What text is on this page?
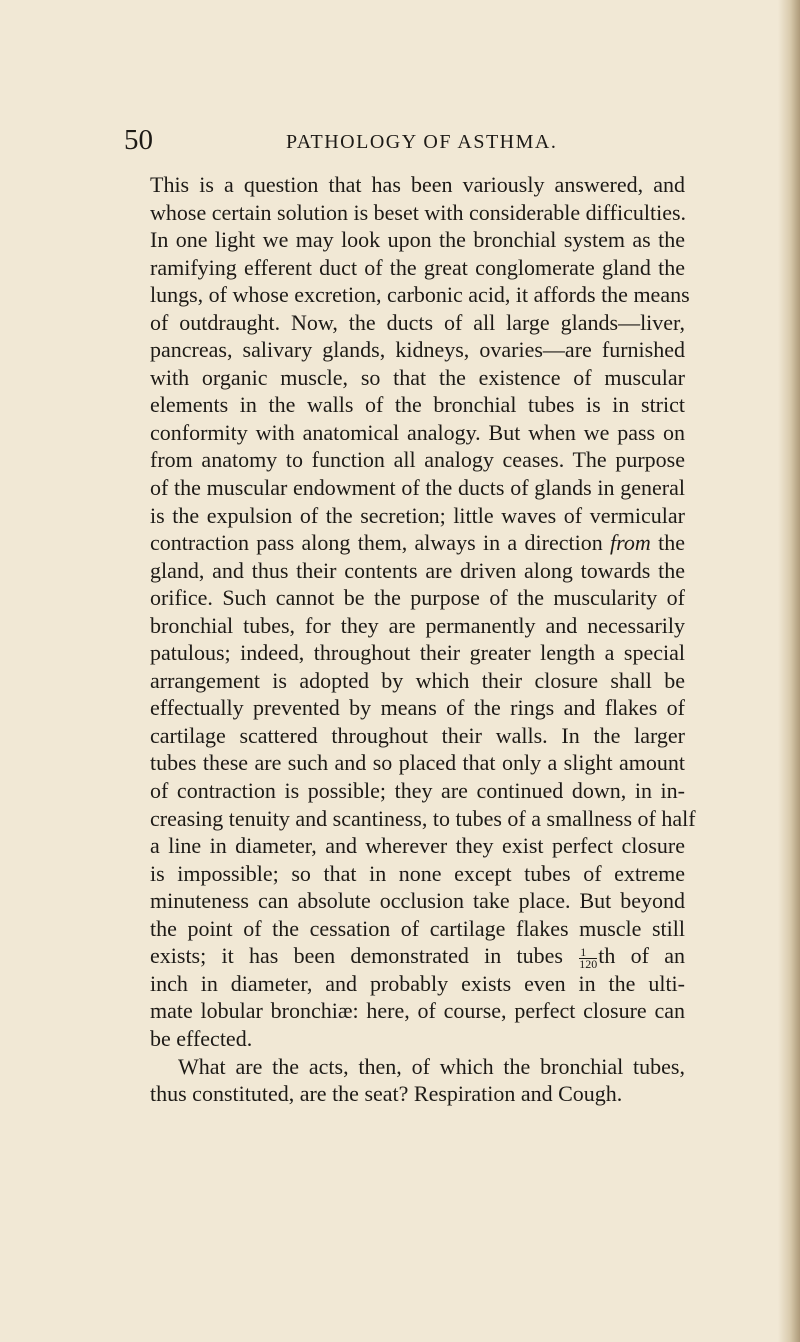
50	PATHOLOGY OF ASTHMA.
This is a question that has been variously answered, and
whose certain solution is beset with considerable difficulties.
In one light we may look upon the bronchial system as the
ramifying efferent duct of the great conglomerate gland the
lungs, of whose excretion, carbonic acid, it affords the means
of outdraught. Now, the ducts of all large glands—liver,
pancreas, salivary glands, kidneys, ovaries—are furnished
with organic muscle, so that the existence of muscular
elements in the walls of the bronchial tubes is in strict
conformity with anatomical analogy. But when we pass on
from anatomy to function all analogy ceases. The purpose
of the muscular endowment of the ducts of glands in general
is the expulsion of the secretion; little waves of vermicular
contraction pass along them, always in a direction from the
gland, and thus their contents are driven along towards the
orifice. Such cannot be the purpose of the muscularity of
bronchial tubes, for they are permanently and necessarily
patulous; indeed, throughout their greater length a special
arrangement is adopted by which their closure shall be
effectually prevented by means of the rings and flakes of
cartilage scattered throughout their walls. In the larger
tubes these are such and so placed that only a slight amount
of contraction is possible; they are continued down, in in-
creasing tenuity and scantiness, to tubes of a smallness of half
a line in diameter, and wherever they exist perfect closure
is impossible; so that in none except tubes of extreme
minuteness can absolute occlusion take place. But beyond
the point of the cessation of cartilage flakes muscle still
exists; it has been demonstrated in tubes $\frac{1}{120}$ th of an
inch in diameter, and probably exists even in the ulti-
mate lobular bronchiæ: here, of course, perfect closure can
be effected.
What are the acts, then, of which the bronchial tubes,
thus constituted, are the seat? Respiration and Cough.
